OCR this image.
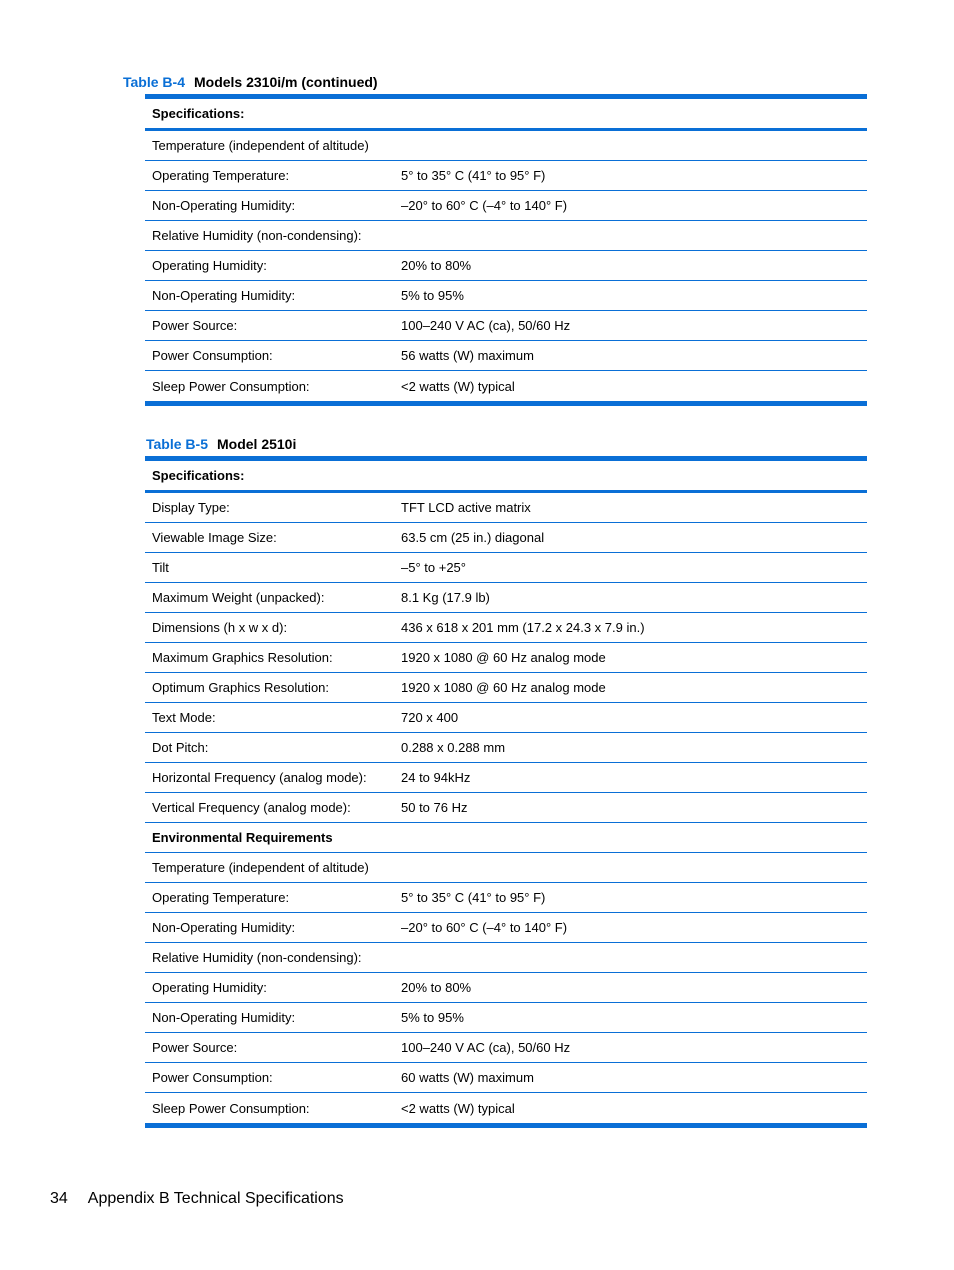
Table B-4 Models 2310i/m (continued)
Specifications:	
Temperature (independent of altitude)	
Operating Temperature:	5° to 35° C (41° to 95° F)
Non-Operating Humidity:	–20° to 60° C (–4° to 140° F)
Relative Humidity (non-condensing):	
Operating Humidity:	20% to 80%
Non-Operating Humidity:	5% to 95%
Power Source:	100–240 V AC (ca), 50/60 Hz
Power Consumption:	56 watts (W) maximum
Sleep Power Consumption:	<2 watts (W) typical
Table B-5 Model 2510i
Specifications:	
Display Type:	TFT LCD active matrix
Viewable Image Size:	63.5 cm (25 in.) diagonal
Tilt	–5° to +25°
Maximum Weight (unpacked):	8.1 Kg (17.9 lb)
Dimensions (h x w x d):	436 x 618 x 201 mm (17.2 x 24.3 x 7.9 in.)
Maximum Graphics Resolution:	1920 x 1080 @ 60 Hz analog mode
Optimum Graphics Resolution:	1920 x 1080 @ 60 Hz analog mode
Text Mode:	720 x 400
Dot Pitch:	0.288 x 0.288 mm
Horizontal Frequency (analog mode):	24 to 94kHz
Vertical Frequency (analog mode):	50 to 76 Hz
Environmental Requirements	
Temperature (independent of altitude)	
Operating Temperature:	5° to 35° C (41° to 95° F)
Non-Operating Humidity:	–20° to 60° C (–4° to 140° F)
Relative Humidity (non-condensing):	
Operating Humidity:	20% to 80%
Non-Operating Humidity:	5% to 95%
Power Source:	100–240 V AC (ca), 50/60 Hz
Power Consumption:	60 watts (W) maximum
Sleep Power Consumption:	<2 watts (W) typical
34 Appendix B Technical Specifications
